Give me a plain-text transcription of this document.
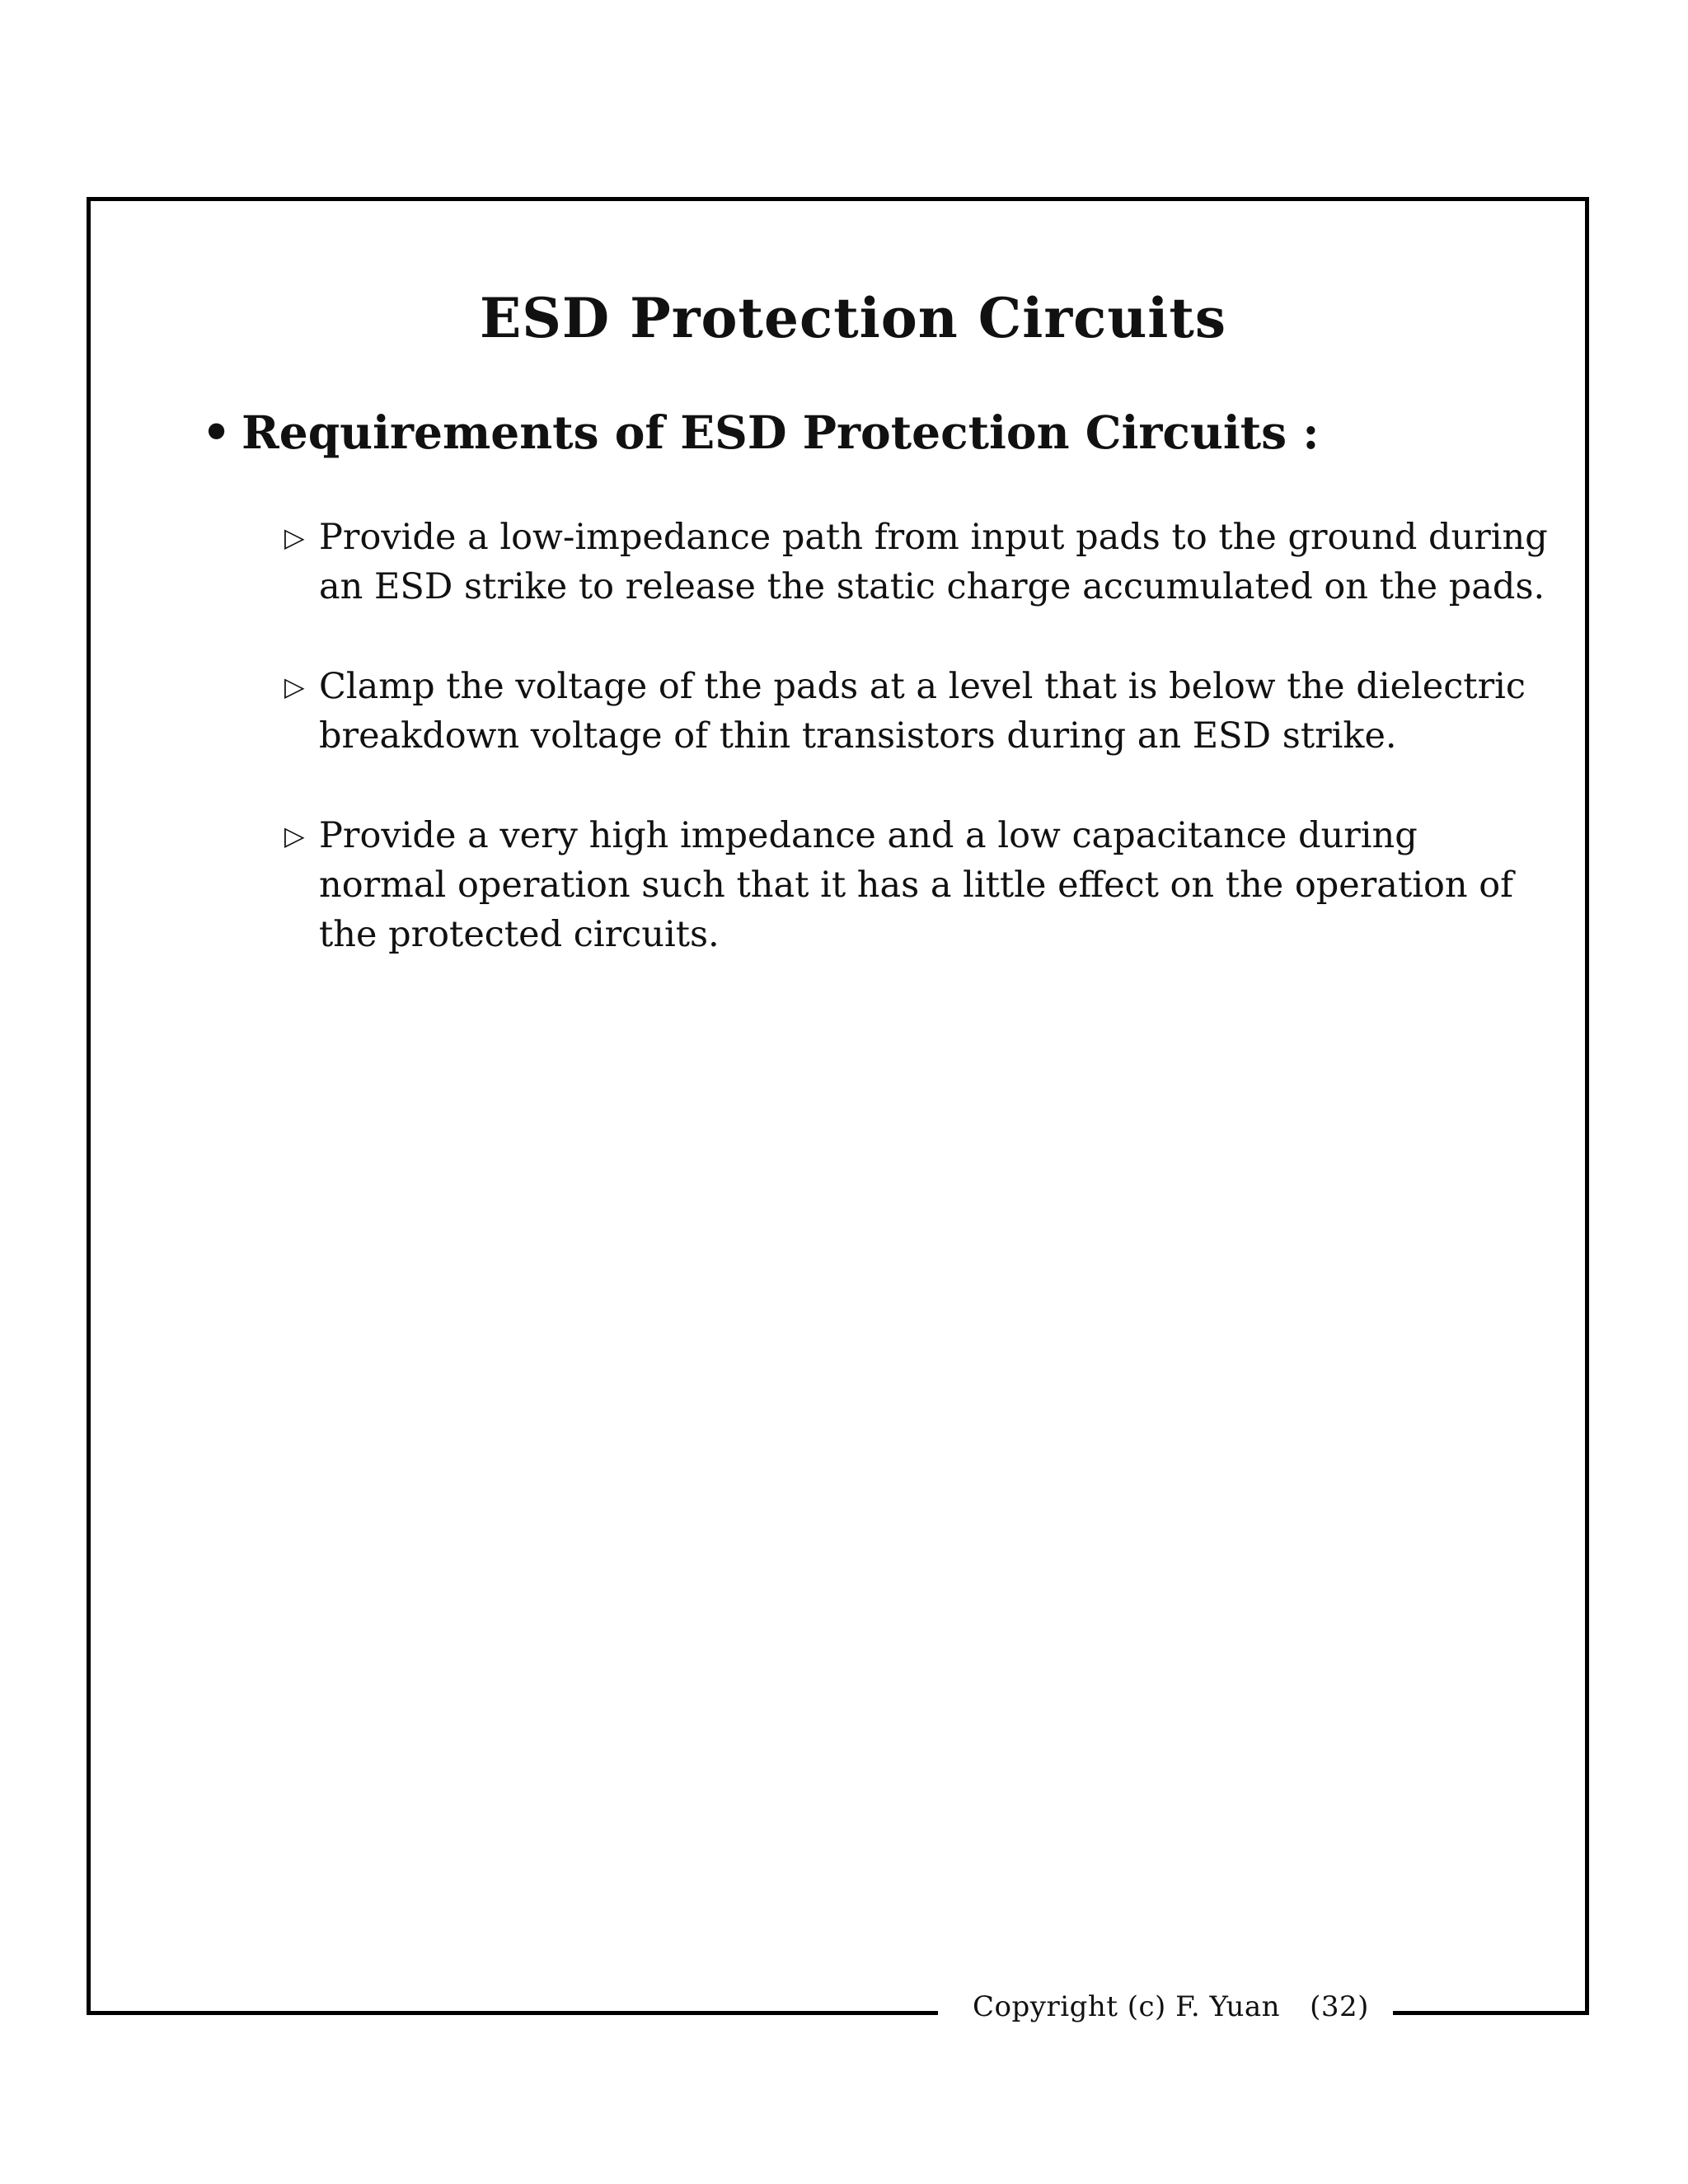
ESD Protection Circuits
• Requirements of ESD Protection Circuits :
▷ Provide a low-impedance path from input pads to the ground during
an ESD strike to release the static charge accumulated on the pads.
▷ Clamp the voltage of the pads at a level that is below the dielectric
breakdown voltage of thin transistors during an ESD strike.
▷ Provide a very high impedance and a low capacitance during
normal operation such that it has a little effect on the operation of
the protected circuits.
Copyright (c) F. Yuan (32)
